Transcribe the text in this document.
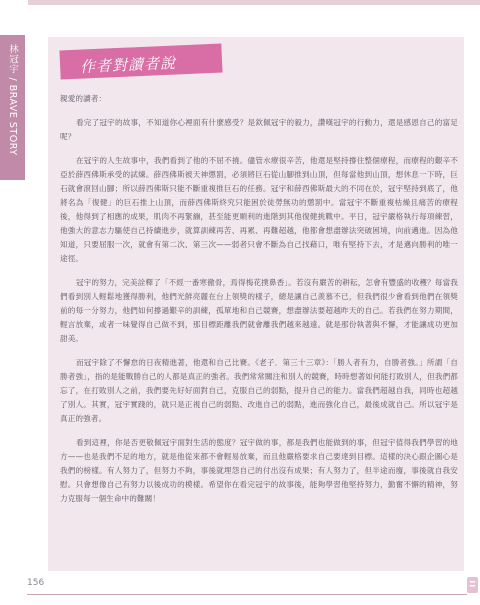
林冠宇 / BRAVE STORY	作者對讀者說

親愛的讀者：

看完了冠宇的故事，不知道你心裡面有什麼感受？是欽佩冠宇的毅力，讚嘆冠宇的行動力，還是感恩自己的富足呢？

在冠宇的人生故事中，我們看到了他的不屈不撓。儘管水療很辛苦，他還是堅持撐住整個療程，而療程的艱辛不亞於薛西佛斯承受的試煉。薛西佛斯被天神懲罰，必須將巨石從山腳推到山頂，但每當他到山頂，想休息一下時，巨石就會滾回山腳；所以薛西佛斯只能不斷重複推巨石的任務。冠宇和薛西佛斯最大的不同在於，冠宇堅持到底了，他將名為「復健」的巨石推上山頂，而薛西佛斯終究只能困於徒勞無功的懲罰中。當冠宇不斷重複枯燥且痛苦的療程後，他得到了相應的成果，肌肉不再緊繃，甚至能更順利的進階到其他復健挑戰中。平日，冠宇嚴格執行每項練習，他強大的意志力驅使自己持續進步，就算訓練再苦、再累、再難超越，他都會想盡辦法突破困境，向前邁進。因為他知道，只要屈服一次，就會有第二次、第三次——弱者只會不斷為自己找藉口，唯有堅持下去，才是邁向勝利的唯一途徑。

冠宇的努力，完美詮釋了「不經一番寒徹骨，焉得梅花撲鼻香」。若沒有嚴苦的耕耘，怎會有豐盛的收穫？每當我們看到別人輕鬆地獲得勝利，他們光鮮亮麗在台上領獎的樣子，總是讓自己羨慕不已，但我們很少會看到他們在領獎前的每一分努力，他們如何撐過艱辛的訓練，孤單地和自己競賽，想盡辦法要超越昨天的自己。若我們在努力期間，輕言放棄，或者一味覺得自己做不到，那目標距離我們就會離我們越來越遠。就是那份執著與不懈，才能讓成功更加甜美。

而冠宇除了不懈怠的日夜精進著，他還和自己比賽。《老子．第三十三章》：「勝人者有力，自勝者強。」所謂「自勝者強」，指的是能戰勝自己的人都是真正的強者。我們常常關注和別人的競賽，時時想著如何能打敗別人，但我們都忘了，在打敗別人之前，我們要先好好面對自己，克服自己的弱點，提升自己的能力。當我們超越自我，同時也超越了別人。其實，冠宇實踐的，就只是正視自己的弱點、改進自己的弱點，進而強化自己，最後成就自己。所以冠宇是真正的強者。

看到這裡，你是否更敬佩冠宇面對生活的態度？冠宇做的事，都是我們也能做到的事，但冠宇值得我們學習的地方——也是我們不足的地方，就是他從來都不會輕易放棄，而且他嚴格要求自己要達到目標。這樣的決心跟企圖心是我們的榜樣。有人努力了，但努力不夠，事後就埋怨自己的付出沒有成果；有人努力了，但半途而廢，事後就自我安慰。只會想像自己有努力以後成功的模樣。希望你在看完冠宇的故事後，能夠學習他堅持努力，勤奮不懈的精神，努力克服每一個生命中的難關！

156
